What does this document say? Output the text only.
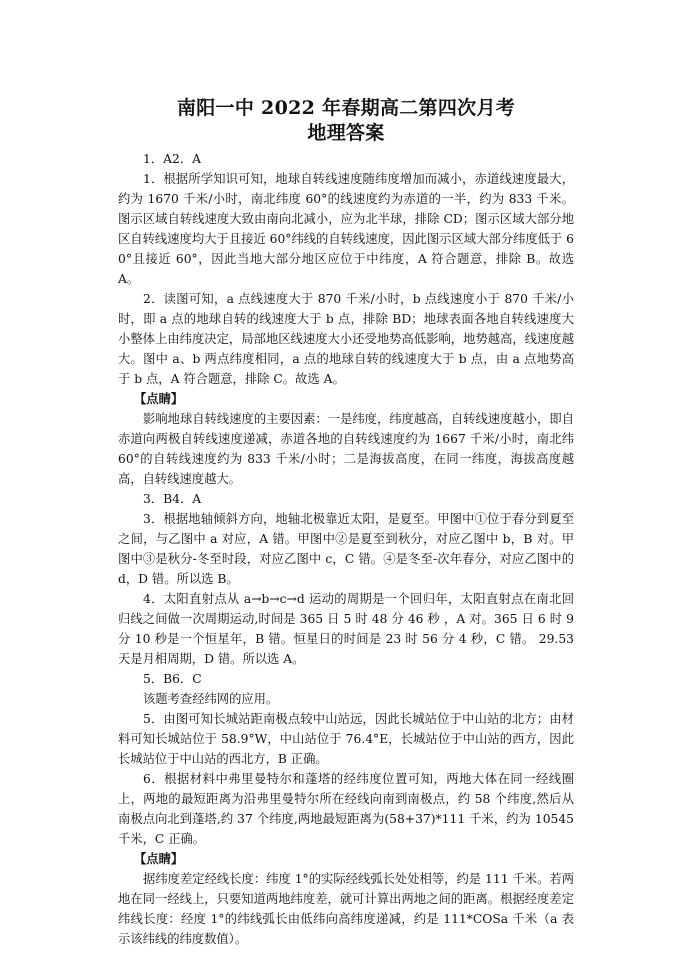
南阳一中 2022 年春期高二第四次月考
地理答案

1．A2．A

1．根据所学知识可知，地球自转线速度随纬度增加而减小，赤道线速度最大，约为 1670 千米/小时，南北纬度 60°的线速度约为赤道的一半，约为 833 千米。图示区域自转线速度大致由南向北减小，应为北半球，排除 CD；图示区域大部分地区自转线速度均大于且接近 60°纬线的自转线速度，因此图示区域大部分纬度低于 60°且接近 60°，因此当地大部分地区应位于中纬度，A 符合题意，排除 B。故选 A。

2．读图可知，a 点线速度大于 870 千米/小时，b 点线速度小于 870 千米/小时，即 a 点的地球自转的线速度大于 b 点，排除 BD；地球表面各地自转线速度大小整体上由纬度决定，局部地区线速度大小还受地势高低影响，地势越高，线速度越大。图中 a、b 两点纬度相同，a 点的地球自转的线速度大于 b 点，由 a 点地势高于 b 点，A 符合题意，排除 C。故选 A。

【点睛】

影响地球自转线速度的主要因素：一是纬度，纬度越高，自转线速度越小，即自赤道向两极自转线速度递减，赤道各地的自转线速度约为 1667 千米/小时，南北纬 60°的自转线速度约为 833 千米/小时；二是海拔高度，在同一纬度，海拔高度越高，自转线速度越大。

3．B4．A

3．根据地轴倾斜方向，地轴北极靠近太阳，是夏至。甲图中①位于春分到夏至之间，与乙图中 a 对应，A 错。甲图中②是夏至到秋分，对应乙图中 b，B 对。甲图中③是秋分-冬至时段，对应乙图中 c，C 错。④是冬至-次年春分，对应乙图中的 d，D 错。所以选 B。

4．太阳直射点从 a→b→c→d 运动的周期是一个回归年，太阳直射点在南北回归线之间做一次周期运动,时间是 365 日 5 时 48 分 46 秒 ，A 对。365 日 6 时 9 分 10 秒是一个恒星年，B 错。恒星日的时间是 23 时 56 分 4 秒，C 错。 29.53 天是月相周期，D 错。所以选 A。

5．B6．C

该题考查经纬网的应用。

5．由图可知长城站距南极点较中山站远，因此长城站位于中山站的北方；由材料可知长城站位于 58.9°W，中山站位于 76.4°E，长城站位于中山站的西方，因此长城站位于中山站的西北方，B 正确。

6．根据材料中弗里曼特尔和蓬塔的经纬度位置可知，两地大体在同一经线圈上，两地的最短距离为沿弗里曼特尔所在经线向南到南极点，约 58 个纬度,然后从南极点向北到蓬塔,约 37 个纬度,两地最短距离为(58+37)*111 千米，约为 10545 千米，C 正确。

【点睛】

据纬度差定经线长度：纬度 1°的实际经线弧长处处相等，约是 111 千米。若两地在同一经线上，只要知道两地纬度差，就可计算出两地之间的距离。根据经度差定纬线长度：经度 1°的纬线弧长由低纬向高纬度递减，约是 111*COSa 千米（a 表示该纬线的纬度数值）。
